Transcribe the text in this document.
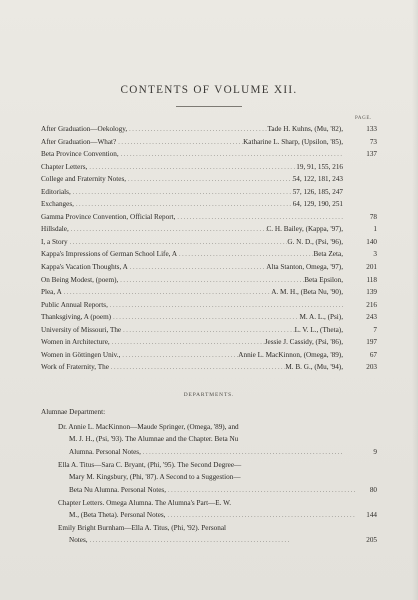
CONTENTS OF VOLUME XII.
PAGE.
After Graduation—Oekology, . . .	Tade H. Kuhns, (Mu, '82),	133
After Graduation—What? . . .	Katharine L. Sharp, (Upsilon, '85),	73
Beta Province Convention, . . .	137
Chapter Letters, . . .	19, 91, 155, 216
College and Fraternity Notes, . . .	54, 122, 181, 243
Editorials, . . .	57, 126, 185, 247
Exchanges, . . .	64, 129, 190, 251
Gamma Province Convention, Official Report, . . .	78
Hillsdale, . . .	C. H. Bailey, (Kappa, '97),	1
I, a Story . . .	G. N. D., (Psi, '96),	140
Kappa's Impressions of German School Life, A . . .	Beta Zeta,	3
Kappa's Vacation Thoughts, A . . .	Alta Stanton, Omega, '97),	201
On Being Modest, (poem), . . .	Beta Epsilon,	118
Plea, A . . .	A. M. H., (Beta Nu, '90),	139
Public Annual Reports, . . .	216
Thanksgiving, A (poem) . . .	M. A. L., (Psi),	243
University of Missouri, The . . .	L. V. L., (Theta),	7
Women in Architecture, . . .	Jessie J. Cassidy, (Psi, '86),	197
Women in Göttingen Univ., . . .	Annie L. MacKinnon, (Omega, '89),	67
Work of Fraternity, The . . .	M. B. G., (Mu, '94),	203
DEPARTMENTS.
Alumnae Department:
Dr. Annie L. MacKinnon—Maude Springer, (Omega, '89), and
M. J. H., (Psi, '93). The Alumnae and the Chapter. Beta Nu
Alumna. Personal Notes, . . .	9
Ella A. Titus—Sara C. Bryant, (Phi, '95). The Second Degree—
Mary M. Kingsbury, (Phi, '87). A Second to a Suggestion—
Beta Nu Alumna. Personal Notes, . . .	80
Chapter Letters. Omega Alumna. The Alumna's Part—E. W.
M., (Beta Theta). Personal Notes, . . .	144
Emily Bright Burnham—Ella A. Titus, (Phi, '92). Personal
Notes, . . .	205
